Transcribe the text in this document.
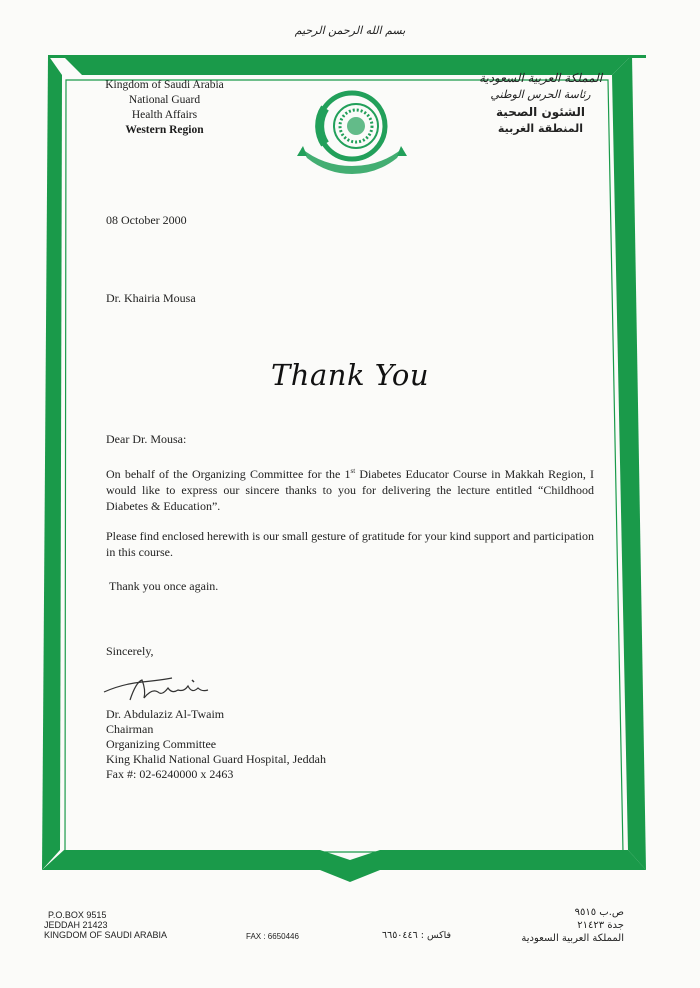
بسم الله الرحمن الرحيم
Kingdom of Saudi Arabia
National Guard
Health Affairs
Western Region
المملكة العربية السعودية
رئاسة الحرس الوطني
الشئون الصحية
المنطقة الغربية
08 October 2000
Dr. Khairia Mousa
Thank You
Dear Dr. Mousa:
On behalf of the Organizing Committee for the 1st Diabetes Educator Course in Makkah Region, I would like to express our sincere thanks to you for delivering the lecture entitled “Childhood Diabetes & Education”.
Please find enclosed herewith is our small gesture of gratitude for your kind support and participation in this course.
Thank you once again.
Sincerely,
Dr. Abdulaziz Al-Twaim
Chairman
Organizing Committee
King Khalid National Guard Hospital, Jeddah
Fax #: 02-6240000 x 2463
P.O.BOX 9515
JEDDAH 21423
KINGDOM OF SAUDI ARABIA	FAX : 6650446	فاكس : ٦٦٥٠٤٤٦
ص.ب ٩٥١٥
جدة ٢١٤٢٣
المملكة العربية السعودية
